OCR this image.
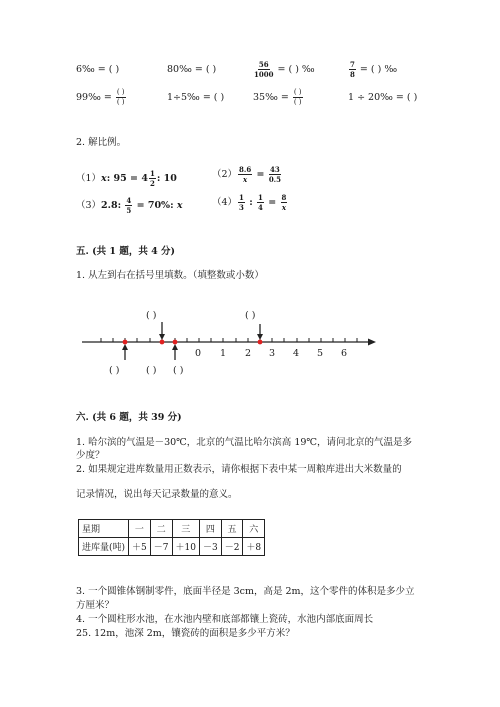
6‰ = ( )	80‰ = ( )	$\frac{56}{1000}$ = ( ) ‰	$\frac{7}{8}$ = ( ) ‰
99‰ = $\frac{( )}{( )}$	1÷5‰ = ( )	35‰ = $\frac{( )}{( )}$	1 ÷ 20‰ = ( )
2. 解比例。
（1）x: $95 = 4 \frac{1}{2}$ : 10	$(2) \frac{8.6}{x} = \frac{43}{0.5}$
（3）2.8: $\frac{4}{5} = 70\%$: x	$(4) \frac{1}{3}$ : $\frac{1}{4} = \frac{8}{x}$
五. (共 1 题，共 4 分)
1. 从左到右在括号里填数。（填整数或小数）
0 1 2 3 4 5 6
( )	( )
( )	( ) ( )
六. (共 6 题，共 39 分)
1. 哈尔滨的气温是－30℃，北京的气温比哈尔滨高 19℃，请问北京的气温是多
少度？
2. 如果规定进库数量用正数表示，请你根据下表中某一周粮库进出大米数量的
记录情况，说出每天记录数量的意义。
星期	一	二	三	四	五	六
进库量(吨)	＋5	－7	＋10	－3	－2	＋8
3. 一个圆锥体钢制零件，底面半径是 3cm，高是 2m，这个零件的体积是多少立
方厘米？
4. 一个圆柱形水池，在水池内壁和底部都镶上瓷砖，水池内部底面周长
25. 12m，池深 2m，镶瓷砖的面积是多少平方米？
